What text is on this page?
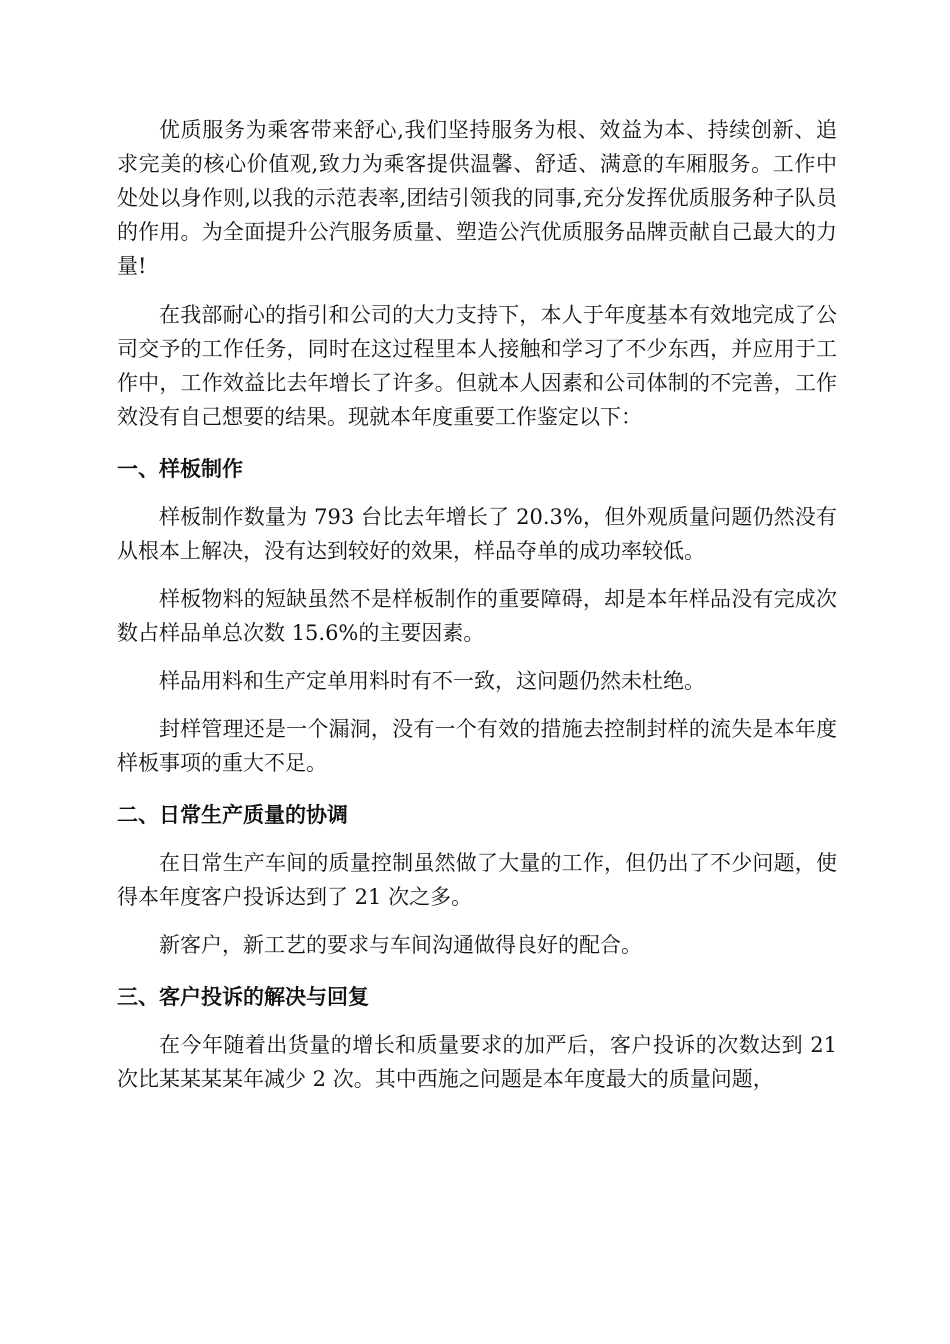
优质服务为乘客带来舒心,我们坚持服务为根、效益为本、持续创新、追求完美的核心价值观,致力为乘客提供温馨、舒适、满意的车厢服务。工作中处处以身作则,以我的示范表率,团结引领我的同事,充分发挥优质服务种子队员的作用。为全面提升公汽服务质量、塑造公汽优质服务品牌贡献自己最大的力量!

在我部耐心的指引和公司的大力支持下，本人于年度基本有效地完成了公司交予的工作任务，同时在这过程里本人接触和学习了不少东西，并应用于工作中，工作效益比去年增长了许多。但就本人因素和公司体制的不完善，工作效没有自己想要的结果。现就本年度重要工作鉴定以下：

一、样板制作

样板制作数量为 793 台比去年增长了 20.3%，但外观质量问题仍然没有从根本上解决，没有达到较好的效果，样品夺单的成功率较低。

样板物料的短缺虽然不是样板制作的重要障碍，却是本年样品没有完成次数占样品单总次数 15.6%的主要因素。

样品用料和生产定单用料时有不一致，这问题仍然未杜绝。

封样管理还是一个漏洞，没有一个有效的措施去控制封样的流失是本年度样板事项的重大不足。

二、日常生产质量的协调

在日常生产车间的质量控制虽然做了大量的工作，但仍出了不少问题，使得本年度客户投诉达到了 21 次之多。

新客户，新工艺的要求与车间沟通做得良好的配合。

三、客户投诉的解决与回复

在今年随着出货量的增长和质量要求的加严后，客户投诉的次数达到 21 次比某某某某年减少 2 次。其中西施之问题是本年度最大的质量问题，
